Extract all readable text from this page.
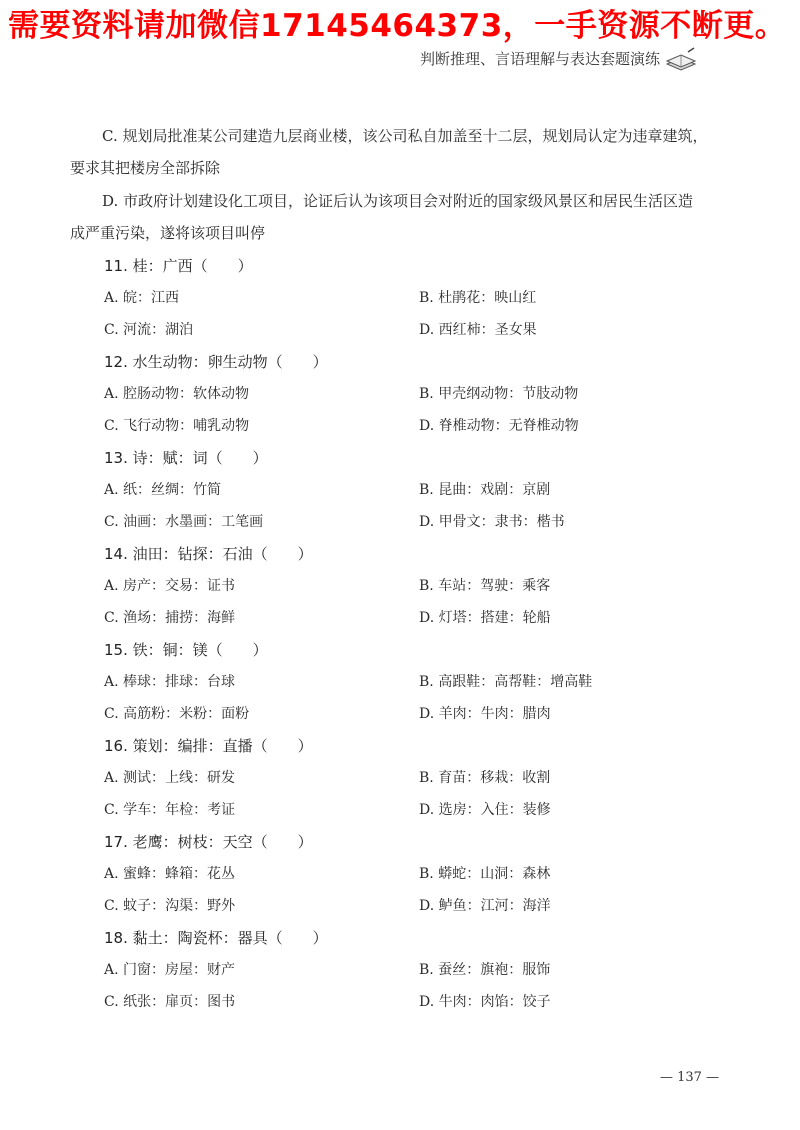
需要资料请加微信17145464373，一手资源不断更。
判断推理、言语理解与表达套题演练
C. 规划局批准某公司建造九层商业楼，该公司私自加盖至十二层，规划局认定为违章建筑，
要求其把楼房全部拆除
D. 市政府计划建设化工项目，论证后认为该项目会对附近的国家级风景区和居民生活区造
成严重污染，遂将该项目叫停
11. 桂：广西（　　）
A. 皖：江西	B. 杜鹃花：映山红
C. 河流：湖泊	D. 西红柿：圣女果
12. 水生动物：卵生动物（　　）
A. 腔肠动物：软体动物	B. 甲壳纲动物：节肢动物
C. 飞行动物：哺乳动物	D. 脊椎动物：无脊椎动物
13. 诗：赋：词（　　）
A. 纸：丝绸：竹简	B. 昆曲：戏剧：京剧
C. 油画：水墨画：工笔画	D. 甲骨文：隶书：楷书
14. 油田：钻探：石油（　　）
A. 房产：交易：证书	B. 车站：驾驶：乘客
C. 渔场：捕捞：海鲜	D. 灯塔：搭建：轮船
15. 铁：铜：镁（　　）
A. 棒球：排球：台球	B. 高跟鞋：高帮鞋：增高鞋
C. 高筋粉：米粉：面粉	D. 羊肉：牛肉：腊肉
16. 策划：编排：直播（　　）
A. 测试：上线：研发	B. 育苗：移栽：收割
C. 学车：年检：考证	D. 选房：入住：装修
17. 老鹰：树枝：天空（　　）
A. 蜜蜂：蜂箱：花丛	B. 蟒蛇：山洞：森林
C. 蚊子：沟渠：野外	D. 鲈鱼：江河：海洋
18. 黏土：陶瓷杯：器具（　　）
A. 门窗：房屋：财产	B. 蚕丝：旗袍：服饰
C. 纸张：扉页：图书	D. 牛肉：肉馅：饺子
— 137 —
